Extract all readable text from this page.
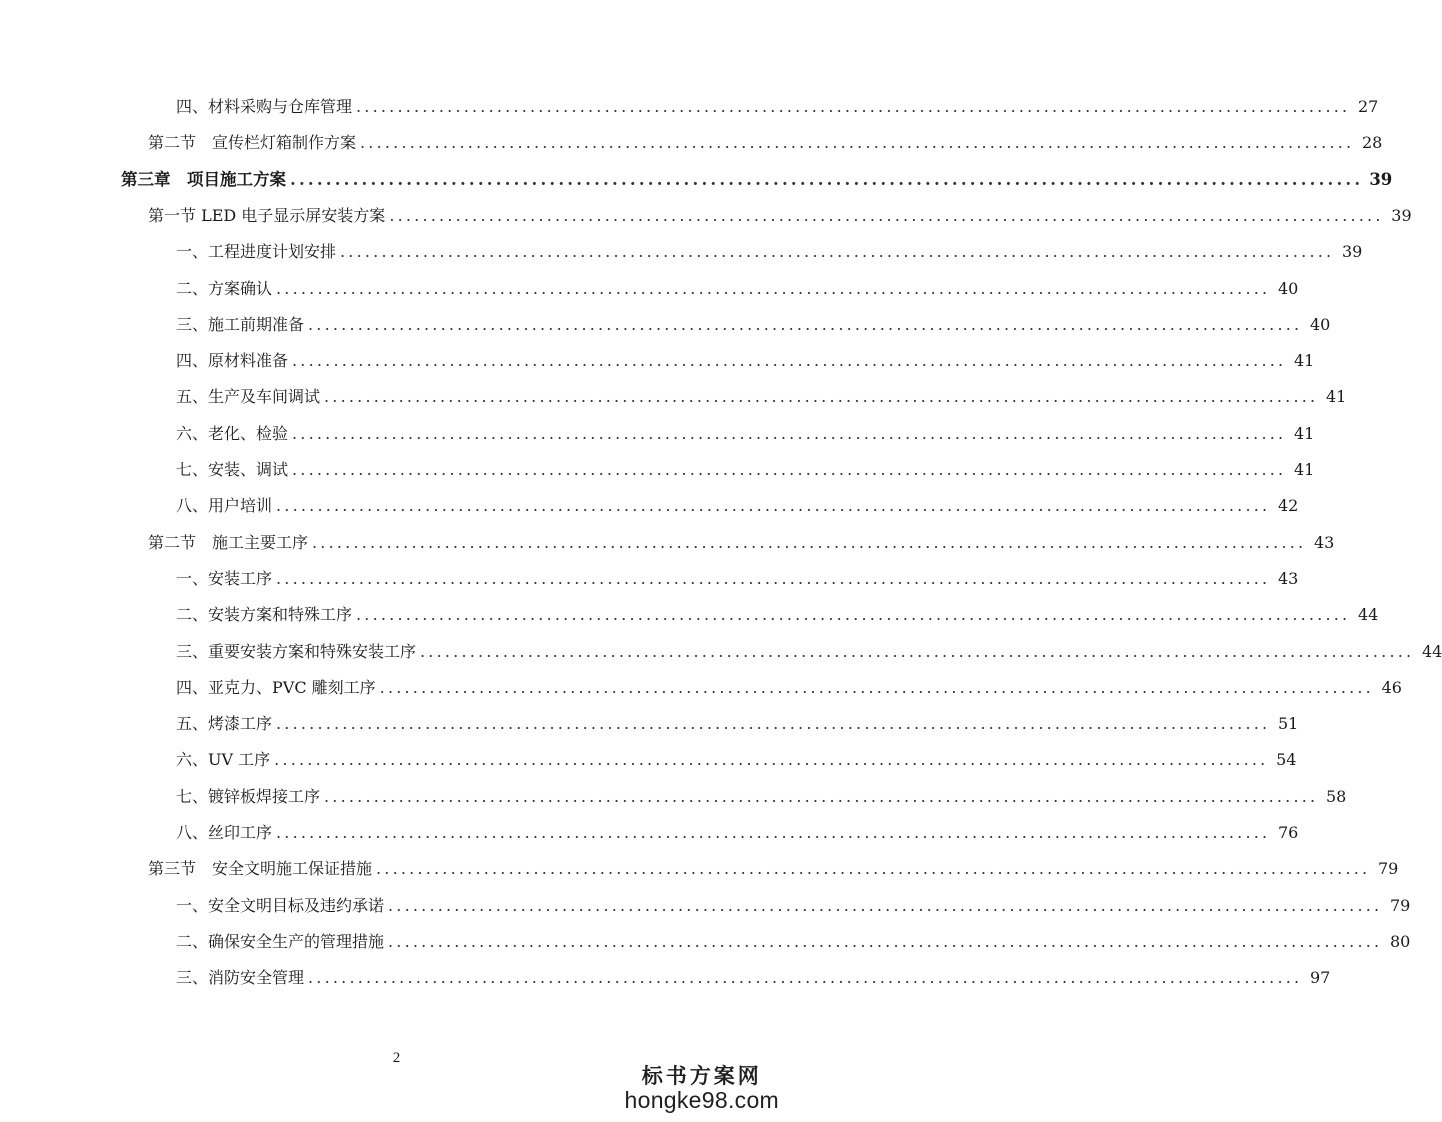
四、材料采购与仓库管理 ........................................................................................................................ 27
第二节　宣传栏灯箱制作方案 ........................................................................................................................ 28
第三章　项目施工方案 ........................................................................................................................ 39
第一节 LED 电子显示屏安装方案 ........................................................................................................................ 39
一、工程进度计划安排 ........................................................................................................................ 39
二、方案确认 ........................................................................................................................ 40
三、施工前期准备 ........................................................................................................................ 40
四、原材料准备 ........................................................................................................................ 41
五、生产及车间调试 ........................................................................................................................ 41
六、老化、检验 ........................................................................................................................ 41
七、安装、调试 ........................................................................................................................ 41
八、用户培训 ........................................................................................................................ 42
第二节　施工主要工序 ........................................................................................................................ 43
一、安装工序 ........................................................................................................................ 43
二、安装方案和特殊工序 ........................................................................................................................ 44
三、重要安装方案和特殊安装工序 ........................................................................................................................ 44
四、亚克力、PVC 雕刻工序 ........................................................................................................................ 46
五、烤漆工序 ........................................................................................................................ 51
六、UV 工序 ........................................................................................................................ 54
七、镀锌板焊接工序 ........................................................................................................................ 58
八、丝印工序 ........................................................................................................................ 76
第三节　安全文明施工保证措施 ........................................................................................................................ 79
一、安全文明目标及违约承诺 ........................................................................................................................ 79
二、确保安全生产的管理措施 ........................................................................................................................ 80
三、消防安全管理 ........................................................................................................................ 97
2
标书方案网
hongke98.com
